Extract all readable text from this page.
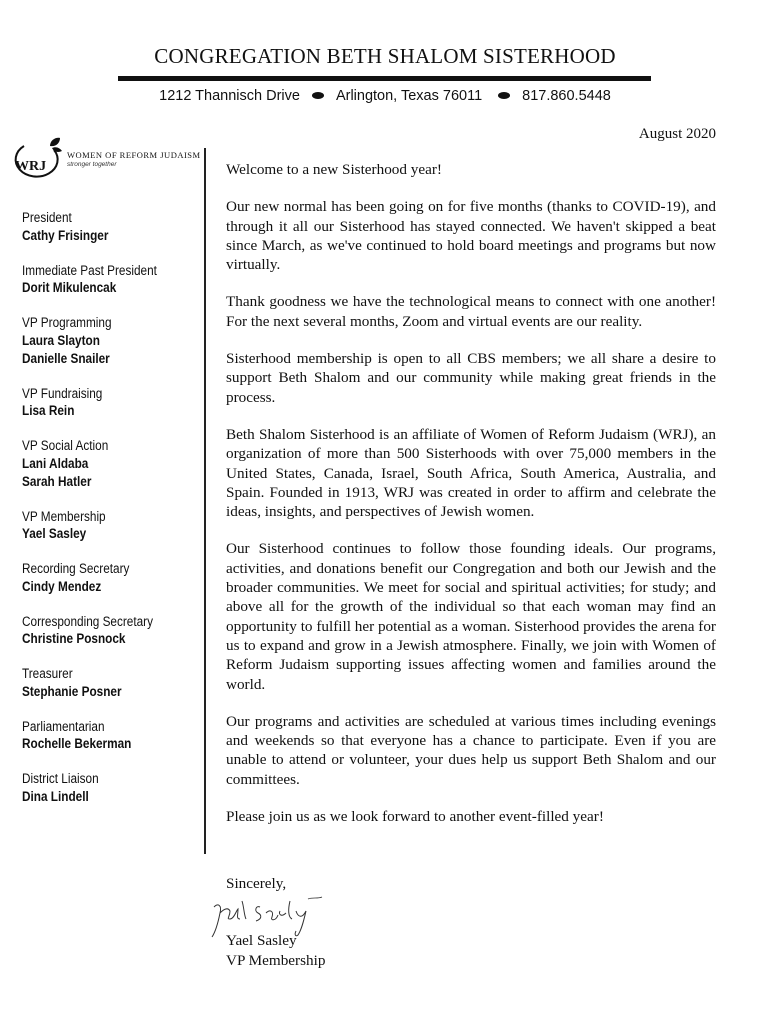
CONGREGATION BETH SHALOM SISTERHOOD
1212 Thannisch Drive Arlington, Texas 76011	817.860.5448
August 2020
WRJ
WOMEN OF REFORM JUDAISM
stronger together
President
Cathy Frisinger
Immediate Past President
Dorit Mikulencak
VP Programming
Laura Slayton
Danielle Snailer
VP Fundraising
Lisa Rein
VP Social Action
Lani Aldaba
Sarah Hatler
VP Membership
Yael Sasley
Recording Secretary
Cindy Mendez
Corresponding Secretary
Christine Posnock
Treasurer
Stephanie Posner
Parliamentarian
Rochelle Bekerman
District Liaison
Dina Lindell

Welcome to a new Sisterhood year!

Our new normal has been going on for five months (thanks to COVID-19), and through it all our Sisterhood has stayed connected. We haven't skipped a beat since March, as we've continued to hold board meetings and programs but now virtually.

Thank goodness we have the technological means to connect with one another! For the next several months, Zoom and virtual events are our reality.

Sisterhood membership is open to all CBS members; we all share a desire to support Beth Shalom and our community while making great friends in the process.

Beth Shalom Sisterhood is an affiliate of Women of Reform Judaism (WRJ), an organization of more than 500 Sisterhoods with over 75,000 members in the United States, Canada, Israel, South Africa, South America, Australia, and Spain. Founded in 1913, WRJ was created in order to affirm and celebrate the ideas, insights, and perspectives of Jewish women.

Our Sisterhood continues to follow those founding ideals. Our programs, activities, and donations benefit our Congregation and both our Jewish and the broader communities. We meet for social and spiritual activities; for study; and above all for the growth of the individual so that each woman may find an opportunity to fulfill her potential as a woman. Sisterhood provides the arena for us to expand and grow in a Jewish atmosphere. Finally, we join with Women of Reform Judaism supporting issues affecting women and families around the world.

Our programs and activities are scheduled at various times including evenings and weekends so that everyone has a chance to participate. Even if you are unable to attend or volunteer, your dues help us support Beth Shalom and our committees.

Please join us as we look forward to another event-filled year!

Sincerely,
Yael Sasley
VP Membership
